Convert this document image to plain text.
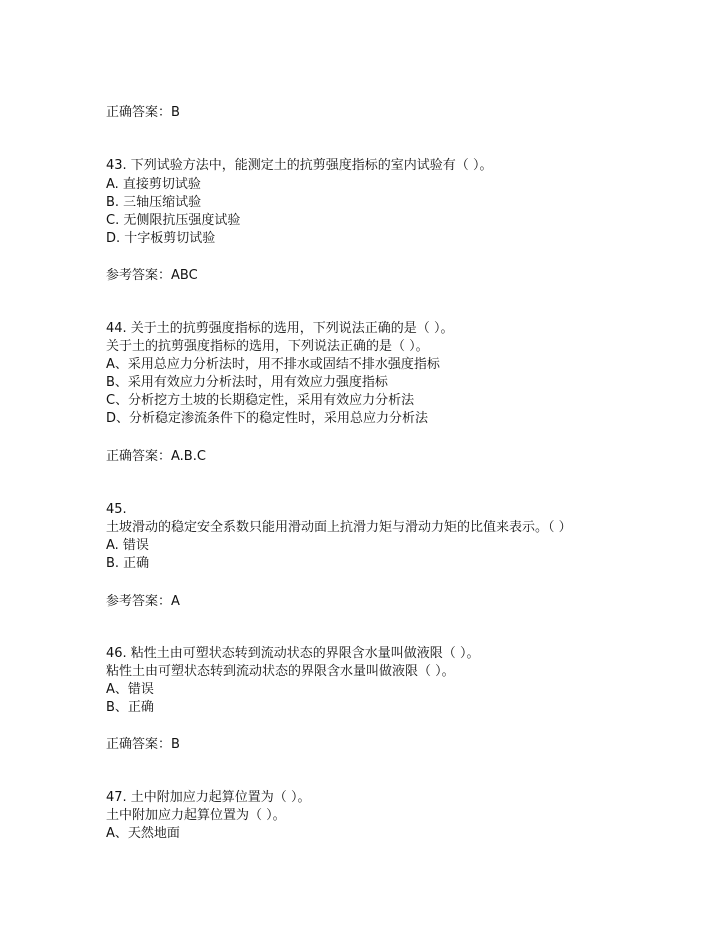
正确答案：B
43. 下列试验方法中，能测定土的抗剪强度指标的室内试验有（ ）。
A. 直接剪切试验
B. 三轴压缩试验
C. 无侧限抗压强度试验
D. 十字板剪切试验
参考答案：ABC
44. 关于土的抗剪强度指标的选用，下列说法正确的是（ ）。
关于土的抗剪强度指标的选用，下列说法正确的是（ ）。
A、采用总应力分析法时，用不排水或固结不排水强度指标
B、采用有效应力分析法时，用有效应力强度指标
C、分析挖方土坡的长期稳定性，采用有效应力分析法
D、分析稳定渗流条件下的稳定性时，采用总应力分析法
正确答案：A.B.C
45.
土坡滑动的稳定安全系数只能用滑动面上抗滑力矩与滑动力矩的比值来表示。（ ）
A. 错误
B. 正确
参考答案：A
46. 粘性土由可塑状态转到流动状态的界限含水量叫做液限（ ）。
粘性土由可塑状态转到流动状态的界限含水量叫做液限（ ）。
A、错误
B、正确
正确答案：B
47. 土中附加应力起算位置为（ ）。
土中附加应力起算位置为（ ）。
A、天然地面
